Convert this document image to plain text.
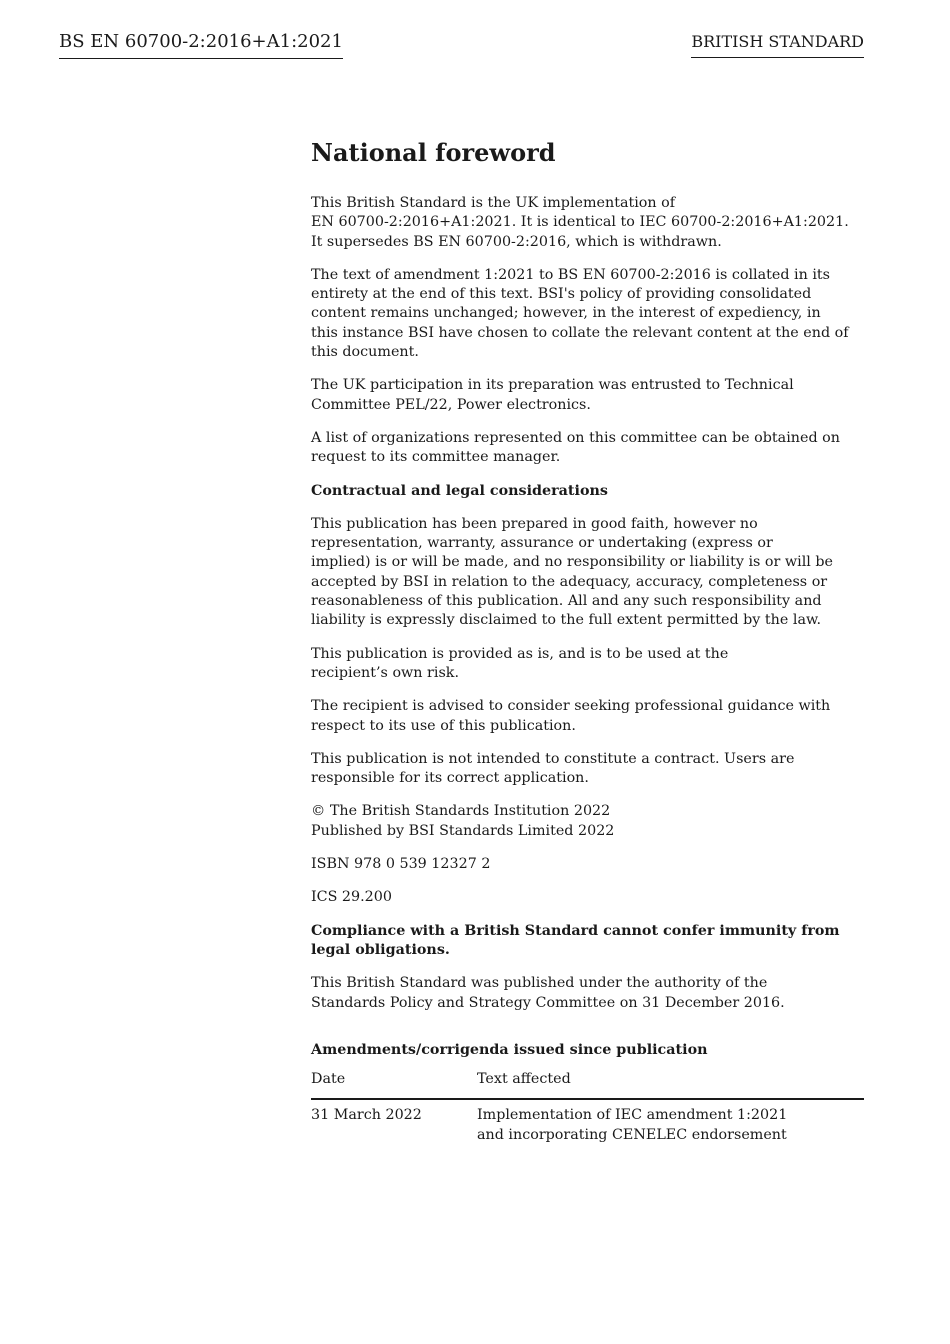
BS EN 60700-2:2016+A1:2021	BRITISH STANDARD
National foreword
This British Standard is the UK implementation of
EN 60700-2:2016+A1:2021. It is identical to IEC 60700-2:2016+A1:2021.
It supersedes BS EN 60700-2:2016, which is withdrawn.
The text of amendment 1:2021 to BS EN 60700-2:2016 is collated in its
entirety at the end of this text. BSI's policy of providing consolidated
content remains unchanged; however, in the interest of expediency, in
this instance BSI have chosen to collate the relevant content at the end of
this document.
The UK participation in its preparation was entrusted to Technical
Committee PEL/22, Power electronics.
A list of organizations represented on this committee can be obtained on
request to its committee manager.
Contractual and legal considerations
This publication has been prepared in good faith, however no
representation, warranty, assurance or undertaking (express or
implied) is or will be made, and no responsibility or liability is or will be
accepted by BSI in relation to the adequacy, accuracy, completeness or
reasonableness of this publication. All and any such responsibility and
liability is expressly disclaimed to the full extent permitted by the law.
This publication is provided as is, and is to be used at the
recipient’s own risk.
The recipient is advised to consider seeking professional guidance with
respect to its use of this publication.
This publication is not intended to constitute a contract. Users are
responsible for its correct application.
© The British Standards Institution 2022
Published by BSI Standards Limited 2022
ISBN 978 0 539 12327 2
ICS 29.200
Compliance with a British Standard cannot confer immunity from
legal obligations.
This British Standard was published under the authority of the
Standards Policy and Strategy Committee on 31 December 2016.
Amendments/corrigenda issued since publication
Date	Text affected
31 March 2022	Implementation of IEC amendment 1:2021
and incorporating CENELEC endorsement
